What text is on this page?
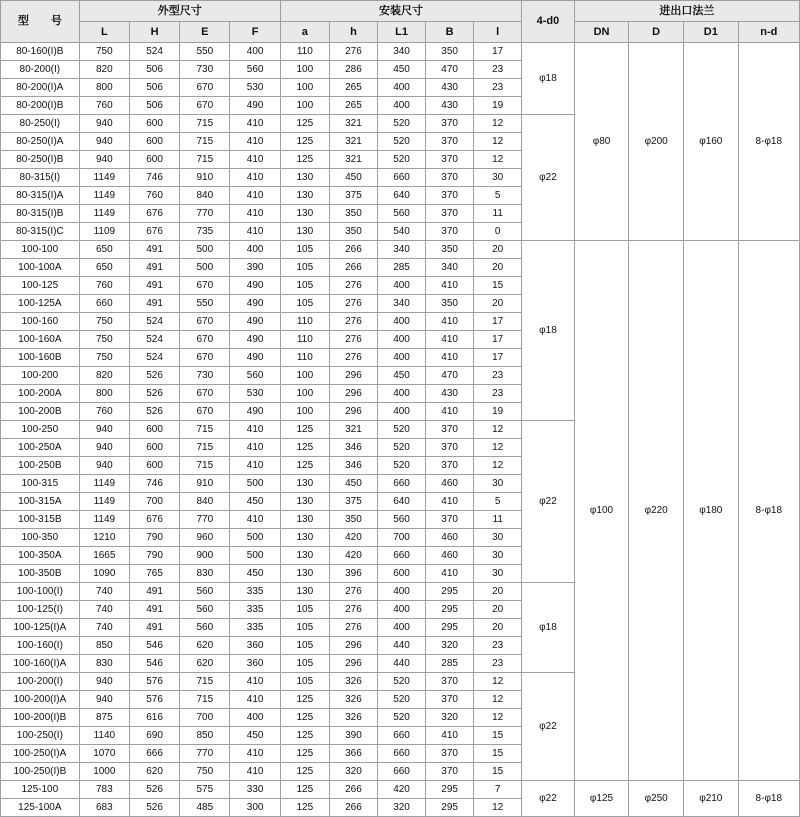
型　　号	外型尺寸				安装尺寸					4-d0	进出口法兰			
	L	H	E	F	a	h	L1	B	l		DN	D	D1	n-d
80-160(I)B	750	524	550	400	110	276	340	350	17	φ18	φ80	φ200	φ160	8-φ18
80-200(I)	820	506	730	560	100	286	450	470	23					
80-200(I)A	800	506	670	530	100	265	400	430	23					
80-200(I)B	760	506	670	490	100	265	400	430	19					
80-250(I)	940	600	715	410	125	321	520	370	12	φ22				
80-250(I)A	940	600	715	410	125	321	520	370	12					
80-250(I)B	940	600	715	410	125	321	520	370	12					
80-315(I)	1149	746	910	410	130	450	660	370	30					
80-315(I)A	1149	760	840	410	130	375	640	370	5					
80-315(I)B	1149	676	770	410	130	350	560	370	11					
80-315(I)C	1109	676	735	410	130	350	540	370	0					
100-100	650	491	500	400	105	266	340	350	20	φ18	φ100	φ220	φ180	8-φ18
100-100A	650	491	500	390	105	266	285	340	20					
100-125	760	491	670	490	105	276	400	410	15					
100-125A	660	491	550	490	105	276	340	350	20					
100-160	750	524	670	490	110	276	400	410	17					
100-160A	750	524	670	490	110	276	400	410	17					
100-160B	750	524	670	490	110	276	400	410	17					
100-200	820	526	730	560	100	296	450	470	23					
100-200A	800	526	670	530	100	296	400	430	23					
100-200B	760	526	670	490	100	296	400	410	19					
100-250	940	600	715	410	125	321	520	370	12	φ22				
100-250A	940	600	715	410	125	346	520	370	12					
100-250B	940	600	715	410	125	346	520	370	12					
100-315	1149	746	910	500	130	450	660	460	30					
100-315A	1149	700	840	450	130	375	640	410	5					
100-315B	1149	676	770	410	130	350	560	370	11					
100-350	1210	790	960	500	130	420	700	460	30					
100-350A	1665	790	900	500	130	420	660	460	30					
100-350B	1090	765	830	450	130	396	600	410	30					
100-100(I)	740	491	560	335	130	276	400	295	20	φ18				
100-125(I)	740	491	560	335	105	276	400	295	20					
100-125(I)A	740	491	560	335	105	276	400	295	20					
100-160(I)	850	546	620	360	105	296	440	320	23					
100-160(I)A	830	546	620	360	105	296	440	285	23					
100-200(I)	940	576	715	410	105	326	520	370	12	φ22				
100-200(I)A	940	576	715	410	125	326	520	370	12					
100-200(I)B	875	616	700	400	125	326	520	320	12					
100-250(I)	1140	690	850	450	125	390	660	410	15					
100-250(I)A	1070	666	770	410	125	366	660	370	15					
100-250(I)B	1000	620	750	410	125	320	660	370	15					
125-100	783	526	575	330	125	266	420	295	7	φ22	φ125	φ250	φ210	8-φ18
125-100A	683	526	485	300	125	266	320	295	12					
